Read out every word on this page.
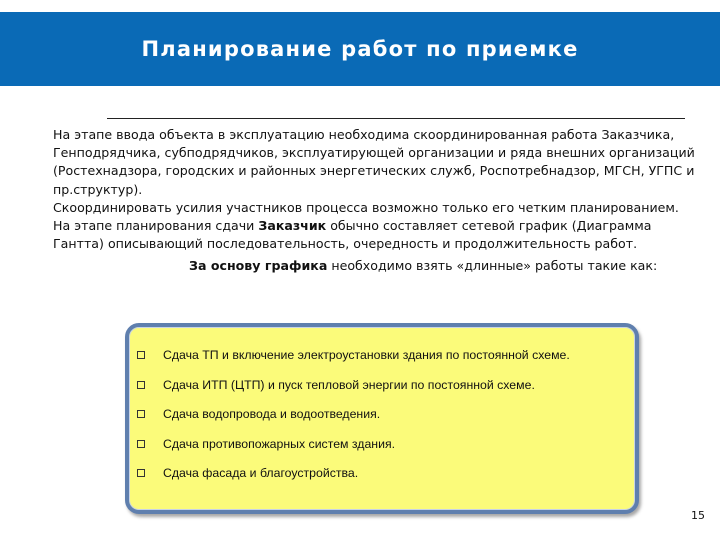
Планирование работ по приемке

На этапе ввода объекта в эксплуатацию необходима скоординированная работа Заказчика, Генподрядчика, субподрядчиков, эксплуатирующей организации и ряда внешних организаций (Ростехнадзора, городских и районных энергетических служб, Роспотребнадзор, МГСН, УГПС и пр.структур).

Скоординировать усилия участников процесса возможно только его четким планированием.

На этапе планирования сдачи Заказчик обычно составляет сетевой график (Диаграмма Гантта) описывающий последовательность, очередность и продолжительность работ.

За основу графика необходимо взять «длинные» работы такие как:

Сдача ТП и включение электроустановки здания по постоянной схеме.
Сдача ИТП (ЦТП) и пуск тепловой энергии по постоянной схеме.
Сдача водопровода и водоотведения.
Сдача противопожарных систем здания.
Сдача фасада и благоустройства.
15
